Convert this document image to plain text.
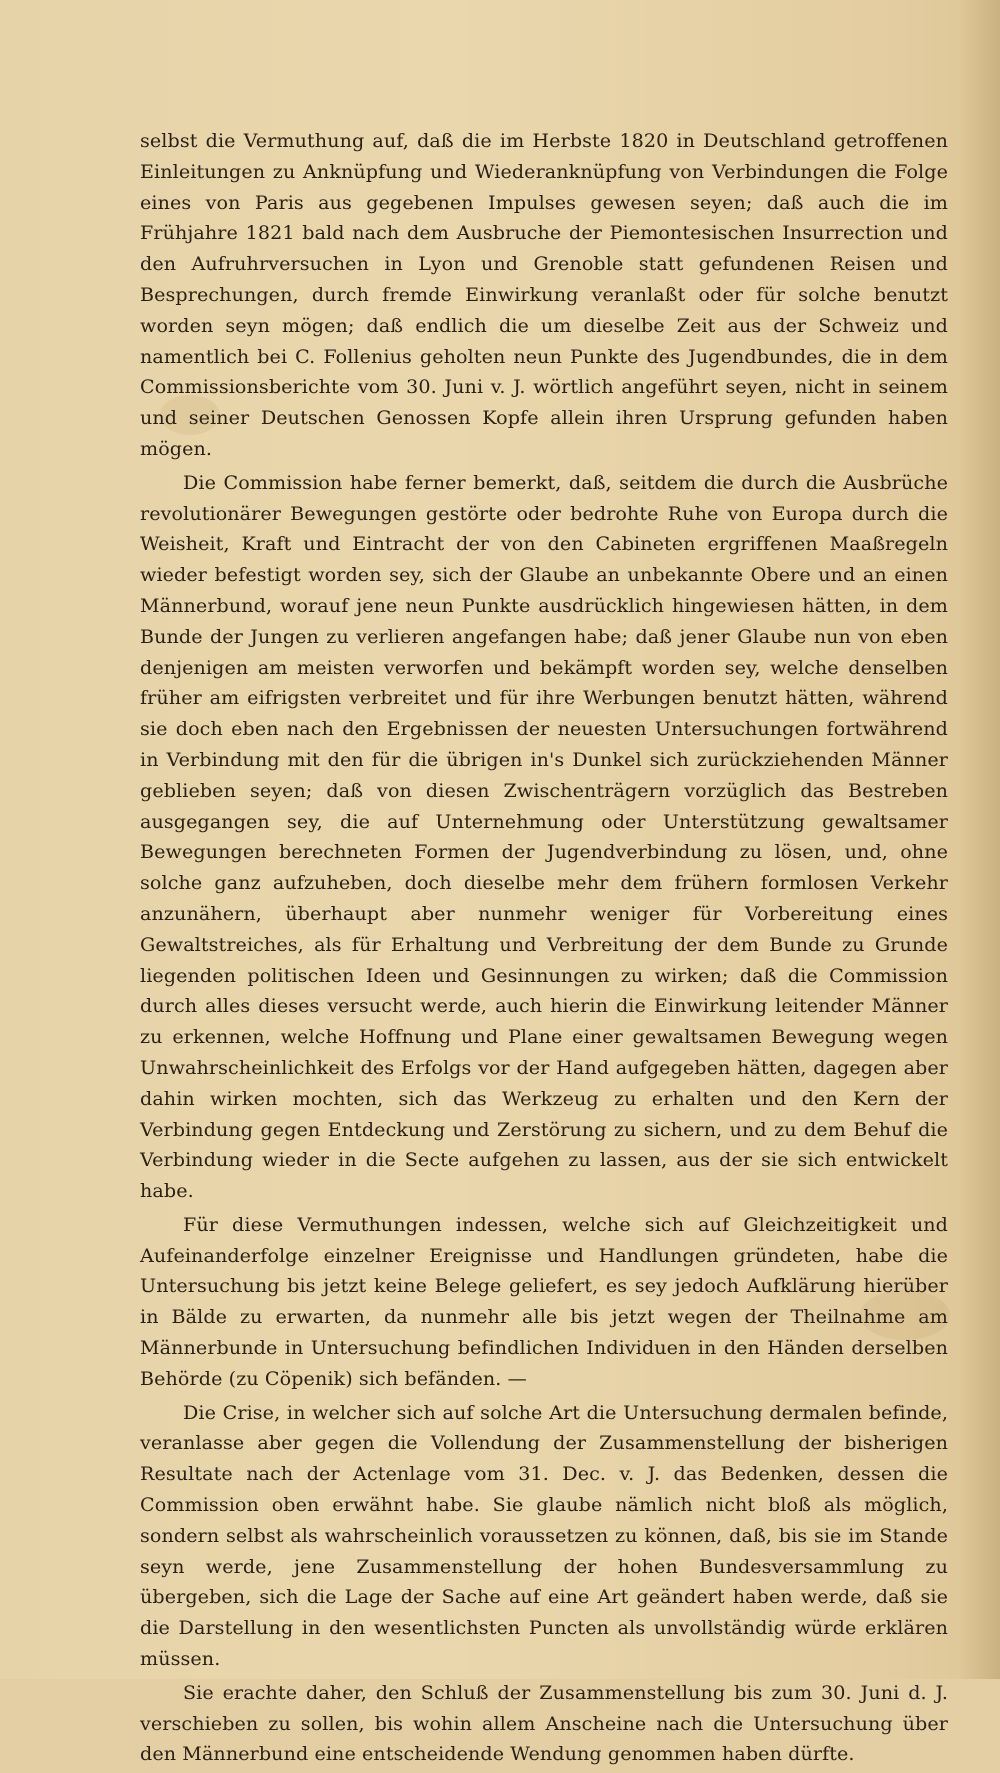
selbst die Vermuthung auf, daß die im Herbste 1820 in Deutschland getroffenen Einleitungen zu Anknüpfung und Wiederanknüpfung von Verbindungen die Folge eines von Paris aus gegebenen Impulses gewesen seyen; daß auch die im Frühjahre 1821 bald nach dem Ausbruche der Piemontesischen Insurrection und den Aufruhrversuchen in Lyon und Grenoble statt gefundenen Reisen und Besprechungen, durch fremde Einwirkung veranlaßt oder für solche benutzt worden seyn mögen; daß endlich die um dieselbe Zeit aus der Schweiz und namentlich bei C. Follenius geholten neun Punkte des Jugendbundes, die in dem Commissionsberichte vom 30. Juni v. J. wörtlich angeführt seyen, nicht in seinem und seiner Deutschen Genossen Kopfe allein ihren Ursprung gefunden haben mögen.

Die Commission habe ferner bemerkt, daß, seitdem die durch die Ausbrüche revolutionärer Bewegungen gestörte oder bedrohte Ruhe von Europa durch die Weisheit, Kraft und Eintracht der von den Cabineten ergriffenen Maaßregeln wieder befestigt worden sey, sich der Glaube an unbekannte Obere und an einen Männerbund, worauf jene neun Punkte ausdrücklich hingewiesen hätten, in dem Bunde der Jungen zu verlieren angefangen habe; daß jener Glaube nun von eben denjenigen am meisten verworfen und bekämpft worden sey, welche denselben früher am eifrigsten verbreitet und für ihre Werbungen benutzt hätten, während sie doch eben nach den Ergebnissen der neuesten Untersuchungen fortwährend in Verbindung mit den für die übrigen in's Dunkel sich zurückziehenden Männer geblieben seyen; daß von diesen Zwischenträgern vorzüglich das Bestreben ausgegangen sey, die auf Unternehmung oder Unterstützung gewaltsamer Bewegungen berechneten Formen der Jugendverbindung zu lösen, und, ohne solche ganz aufzuheben, doch dieselbe mehr dem frühern formlosen Verkehr anzunähern, überhaupt aber nunmehr weniger für Vorbereitung eines Gewaltstreiches, als für Erhaltung und Verbreitung der dem Bunde zu Grunde liegenden politischen Ideen und Gesinnungen zu wirken; daß die Commission durch alles dieses versucht werde, auch hierin die Einwirkung leitender Männer zu erkennen, welche Hoffnung und Plane einer gewaltsamen Bewegung wegen Unwahrscheinlichkeit des Erfolgs vor der Hand aufgegeben hätten, dagegen aber dahin wirken mochten, sich das Werkzeug zu erhalten und den Kern der Verbindung gegen Entdeckung und Zerstörung zu sichern, und zu dem Behuf die Verbindung wieder in die Secte aufgehen zu lassen, aus der sie sich entwickelt habe.

Für diese Vermuthungen indessen, welche sich auf Gleichzeitigkeit und Aufeinanderfolge einzelner Ereignisse und Handlungen gründeten, habe die Untersuchung bis jetzt keine Belege geliefert, es sey jedoch Aufklärung hierüber in Bälde zu erwarten, da nunmehr alle bis jetzt wegen der Theilnahme am Männerbunde in Untersuchung befindlichen Individuen in den Händen derselben Behörde (zu Cöpenik) sich befänden. —

Die Crise, in welcher sich auf solche Art die Untersuchung dermalen befinde, veranlasse aber gegen die Vollendung der Zusammenstellung der bisherigen Resultate nach der Actenlage vom 31. Dec. v. J. das Bedenken, dessen die Commission oben erwähnt habe. Sie glaube nämlich nicht bloß als möglich, sondern selbst als wahrscheinlich voraussetzen zu können, daß, bis sie im Stande seyn werde, jene Zusammenstellung der hohen Bundesversammlung zu übergeben, sich die Lage der Sache auf eine Art geändert haben werde, daß sie die Darstellung in den wesentlichsten Puncten als unvollständig würde erklären müssen.

Sie erachte daher, den Schluß der Zusammenstellung bis zum 30. Juni d. J. verschieben zu sollen, bis wohin allem Anscheine nach die Untersuchung über den Männerbund eine entscheidende Wendung genommen haben dürfte.
